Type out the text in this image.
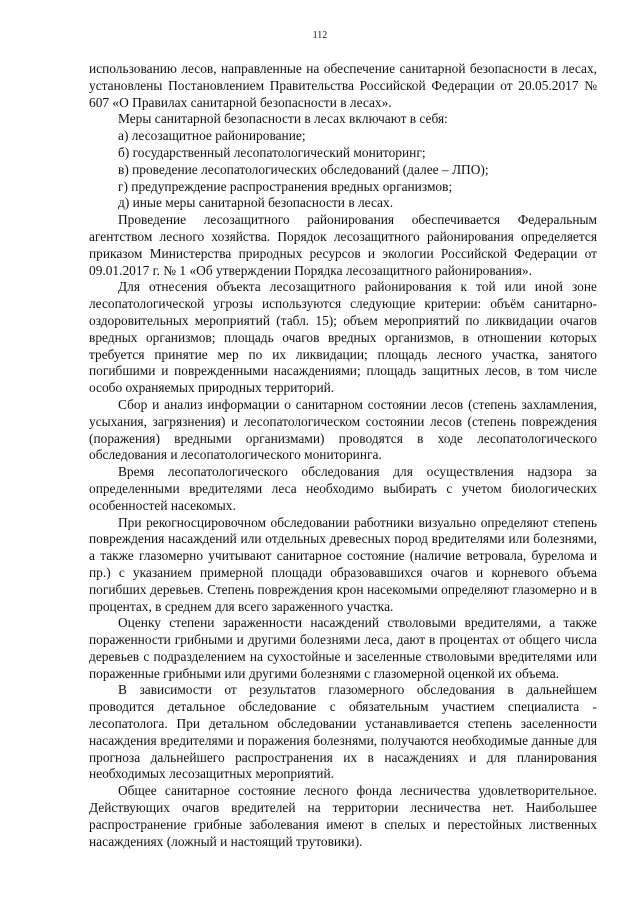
112

использованию лесов, направленные на обеспечение санитарной безопасности в лесах, установлены Постановлением Правительства Российской Федерации от 20.05.2017 № 607 «О Правилах санитарной безопасности в лесах».

Меры санитарной безопасности в лесах включают в себя:

а) лесозащитное районирование;

б) государственный лесопатологический мониторинг;

в) проведение лесопатологических обследований (далее – ЛПО);

г) предупреждение распространения вредных организмов;

д) иные меры санитарной безопасности в лесах.

Проведение лесозащитного районирования обеспечивается Федеральным агентством лесного хозяйства. Порядок лесозащитного районирования определяется приказом Министерства природных ресурсов и экологии Российской Федерации от 09.01.2017 г. № 1 «Об утверждении Порядка лесозащитного районирования».

Для отнесения объекта лесозащитного районирования к той или иной зоне лесопатологической угрозы используются следующие критерии: объём санитарно-оздоровительных мероприятий (табл. 15); объем мероприятий по ликвидации очагов вредных организмов; площадь очагов вредных организмов, в отношении которых требуется принятие мер по их ликвидации; площадь лесного участка, занятого погибшими и поврежденными насаждениями; площадь защитных лесов, в том числе особо охраняемых природных территорий.

Сбор и анализ информации о санитарном состоянии лесов (степень захламления, усыхания, загрязнения) и лесопатологическом состоянии лесов (степень повреждения (поражения) вредными организмами) проводятся в ходе лесопатологического обследования и лесопатологического мониторинга.

Время лесопатологического обследования для осуществления надзора за определенными вредителями леса необходимо выбирать с учетом биологических особенностей насекомых.

При рекогносцировочном обследовании работники визуально определяют степень повреждения насаждений или отдельных древесных пород вредителями или болезнями, а также глазомерно учитывают санитарное состояние (наличие ветровала, бурелома и пр.) с указанием примерной площади образовавшихся очагов и корневого объема погибших деревьев. Степень повреждения крон насекомыми определяют глазомерно и в процентах, в среднем для всего зараженного участка.

Оценку степени зараженности насаждений стволовыми вредителями, а также пораженности грибными и другими болезнями леса, дают в процентах от общего числа деревьев с подразделением на сухостойные и заселенные стволовыми вредителями или пораженные грибными или другими болезнями с глазомерной оценкой их объема.

В зависимости от результатов глазомерного обследования в дальнейшем проводится детальное обследование с обязательным участием специалиста - лесопатолога. При детальном обследовании устанавливается степень заселенности насаждения вредителями и поражения болезнями, получаются необходимые данные для прогноза дальнейшего распространения их в насаждениях и для планирования необходимых лесозащитных мероприятий.

Общее санитарное состояние лесного фонда лесничества удовлетворительное. Действующих очагов вредителей на территории лесничества нет. Наибольшее распространение грибные заболевания имеют в спелых и перестойных лиственных насаждениях (ложный и настоящий трутовики).
